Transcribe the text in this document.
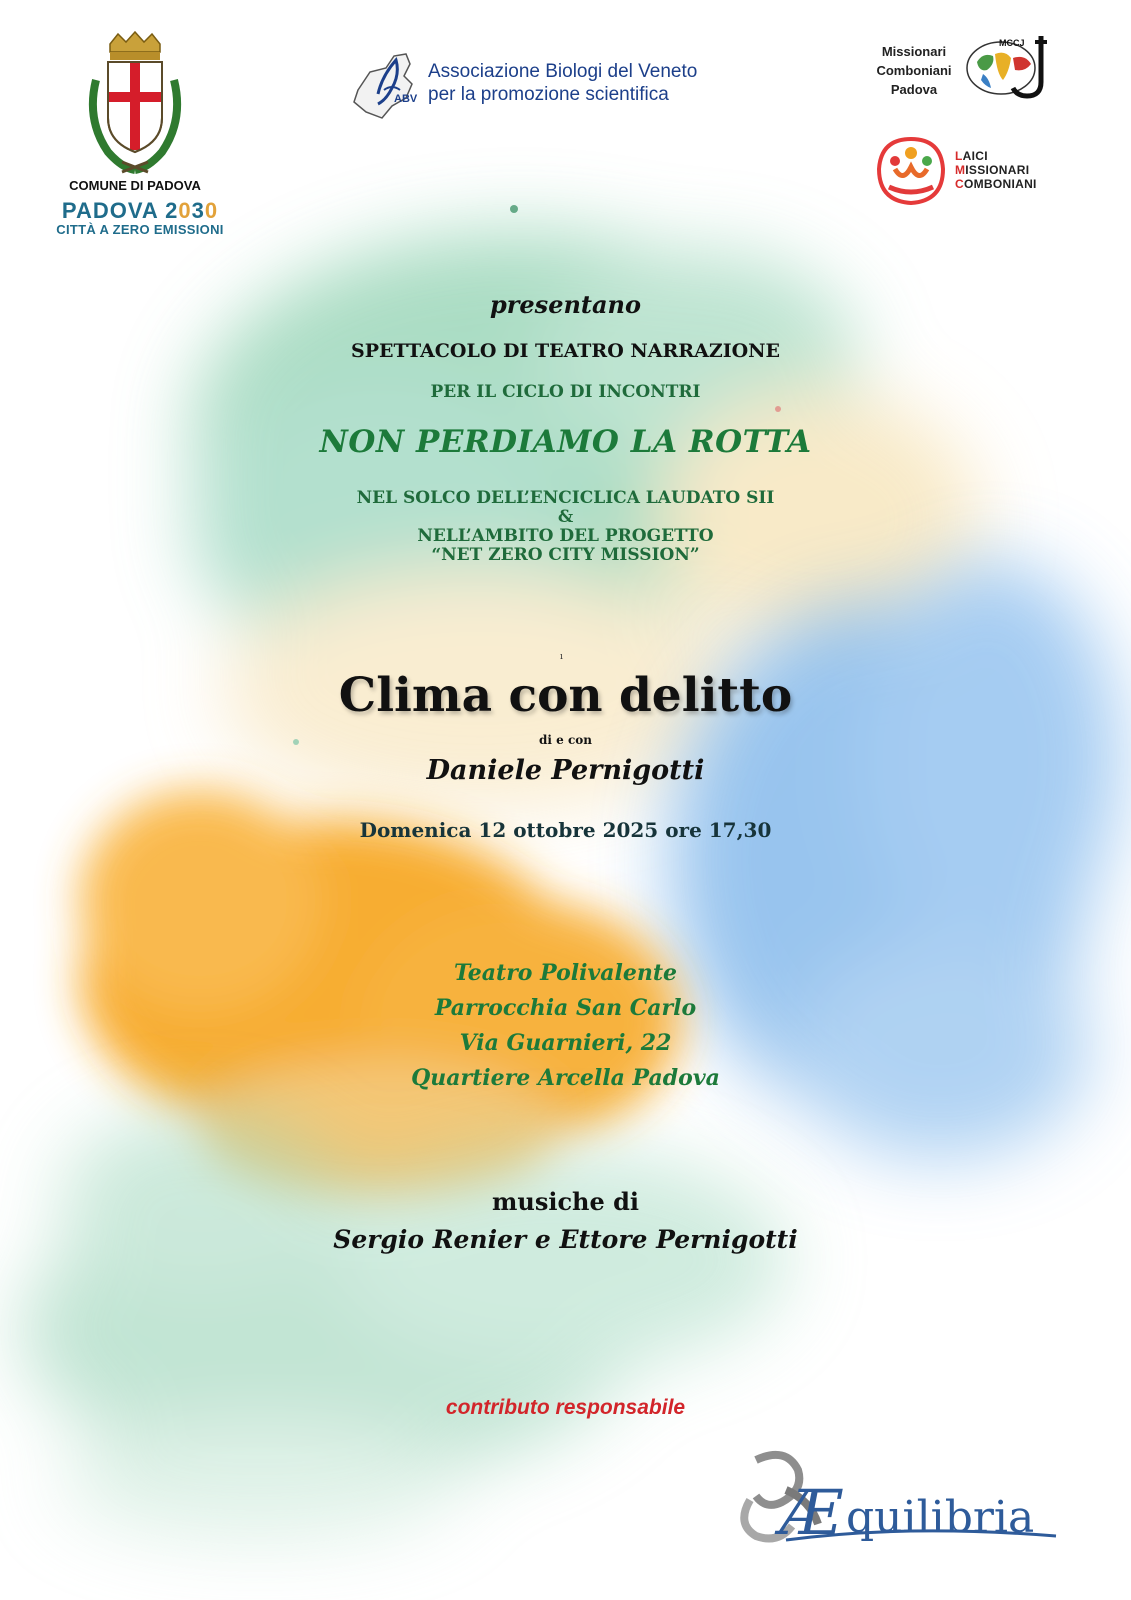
COMUNE DI PADOVA
PADOVA 2030
CITTÀ A ZERO EMISSIONI
ABV
Associazione Biologi del Veneto
per la promozione scientifica
Missionari
Comboniani
Padova
MCCJ
LAICI
MISSIONARI
COMBONIANI
presentano
SPETTACOLO DI TEATRO NARRAZIONE
PER IL CICLO DI INCONTRI
NON PERDIAMO LA ROTTA
NEL SOLCO DELL’ENCICLICA LAUDATO SII
&
NELL’AMBITO DEL PROGETTO
“NET ZERO CITY MISSION”
ı
Clima con delitto
di e con
Daniele Pernigotti
Domenica 12 ottobre 2025 ore 17,30
Teatro Polivalente
Parrocchia San Carlo
Via Guarnieri, 22
Quartiere Arcella Padova
musiche di
Sergio Renier e Ettore Pernigotti
contributo responsabile
Æ quilibria
